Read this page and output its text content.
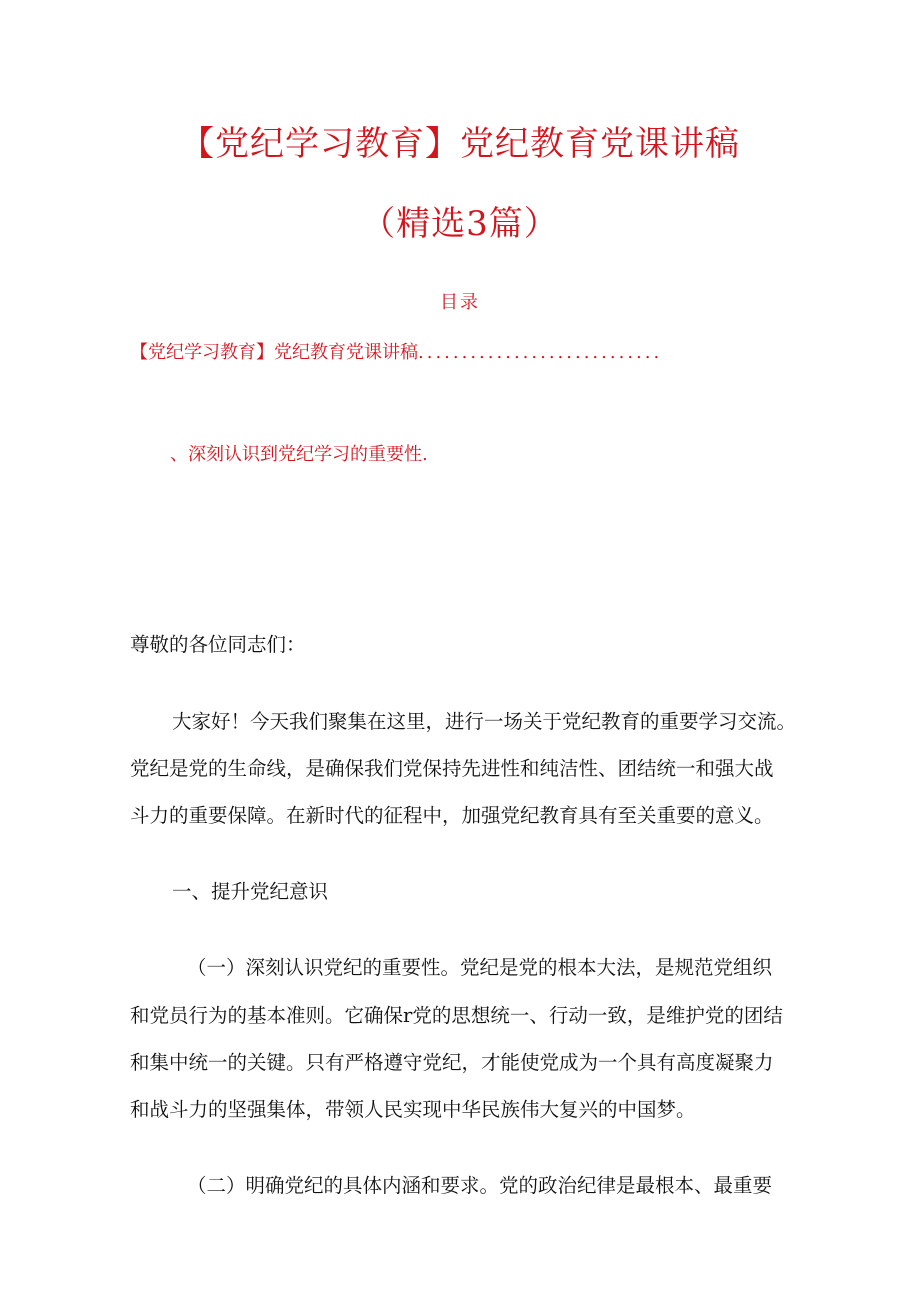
【党纪学习教育】党纪教育党课讲稿
（精选3篇）
目录
【党纪学习教育】党纪教育党课讲稿............................
、深刻认识到党纪学习的重要性.
尊敬的各位同志们：
大家好！今天我们聚集在这里，进行一场关于党纪教育的重要学习交流。
党纪是党的生命线，是确保我们党保持先进性和纯洁性、团结统一和强大战
斗力的重要保障。在新时代的征程中，加强党纪教育具有至关重要的意义。
一、提升党纪意识
（一）深刻认识党纪的重要性。党纪是党的根本大法，是规范党组织
和党员行为的基本准则。它确保r党的思想统一、行动一致，是维护党的团结
和集中统一的关键。只有严格遵守党纪，才能使党成为一个具有高度凝聚力
和战斗力的坚强集体，带领人民实现中华民族伟大复兴的中国梦。
（二）明确党纪的具体内涵和要求。党的政治纪律是最根本、最重要
